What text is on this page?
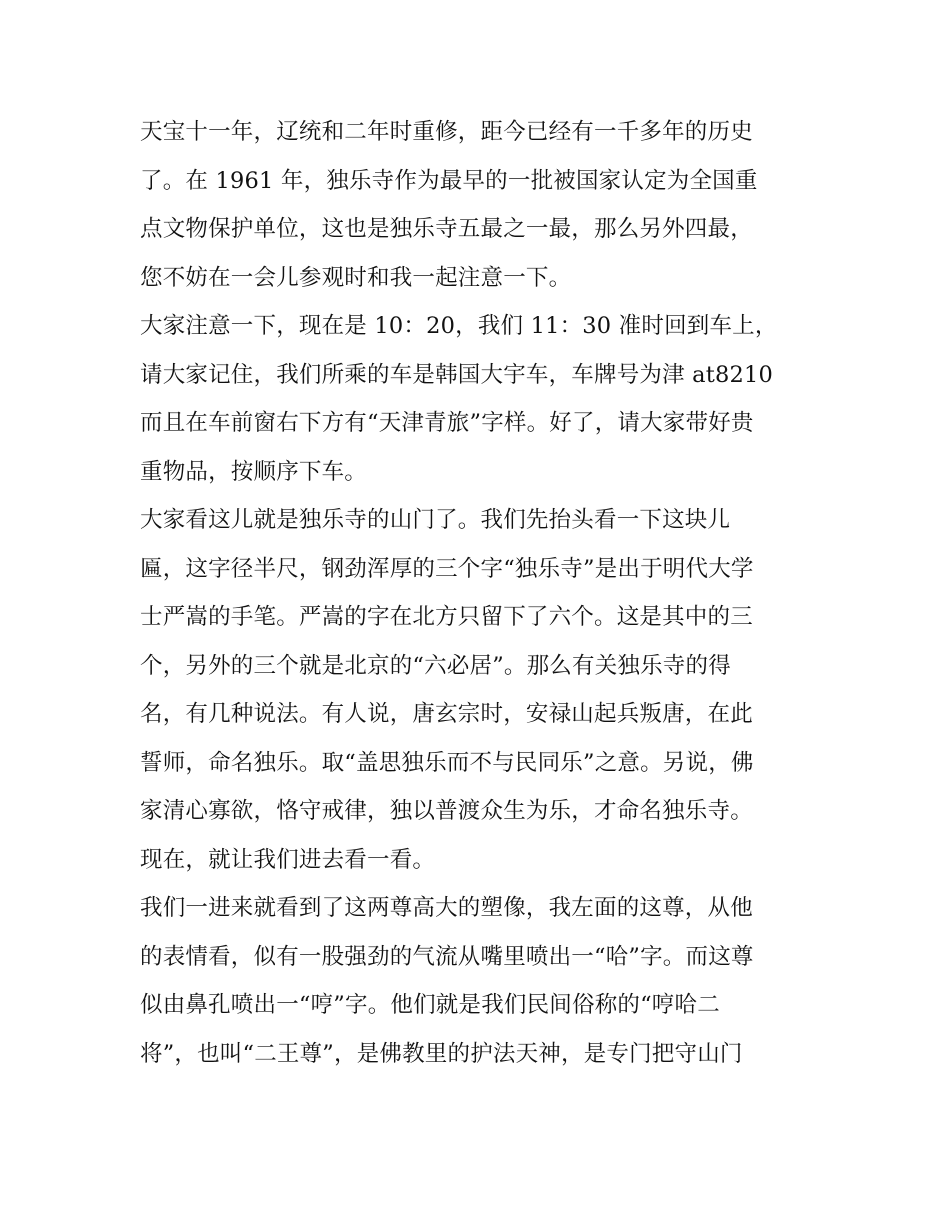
天宝十一年，辽统和二年时重修，距今已经有一千多年的历史
了。在 1961 年，独乐寺作为最早的一批被国家认定为全国重
点文物保护单位，这也是独乐寺五最之一最，那么另外四最，
您不妨在一会儿参观时和我一起注意一下。
大家注意一下，现在是 10：20，我们 11：30 准时回到车上，
请大家记住，我们所乘的车是韩国大宇车，车牌号为津 at8210
而且在车前窗右下方有“天津青旅”字样。好了，请大家带好贵
重物品，按顺序下车。
大家看这儿就是独乐寺的山门了。我们先抬头看一下这块儿
匾，这字径半尺，钢劲浑厚的三个字“独乐寺”是出于明代大学
士严嵩的手笔。严嵩的字在北方只留下了六个。这是其中的三
个，另外的三个就是北京的“六必居”。那么有关独乐寺的得
名，有几种说法。有人说，唐玄宗时，安禄山起兵叛唐，在此
誓师，命名独乐。取“盖思独乐而不与民同乐”之意。另说，佛
家清心寡欲，恪守戒律，独以普渡众生为乐，才命名独乐寺。
现在，就让我们进去看一看。
我们一进来就看到了这两尊高大的塑像，我左面的这尊，从他
的表情看，似有一股强劲的气流从嘴里喷出一“哈”字。而这尊
似由鼻孔喷出一“哼”字。他们就是我们民间俗称的“哼哈二
将”，也叫“二王尊”，是佛教里的护法天神，是专门把守山门
